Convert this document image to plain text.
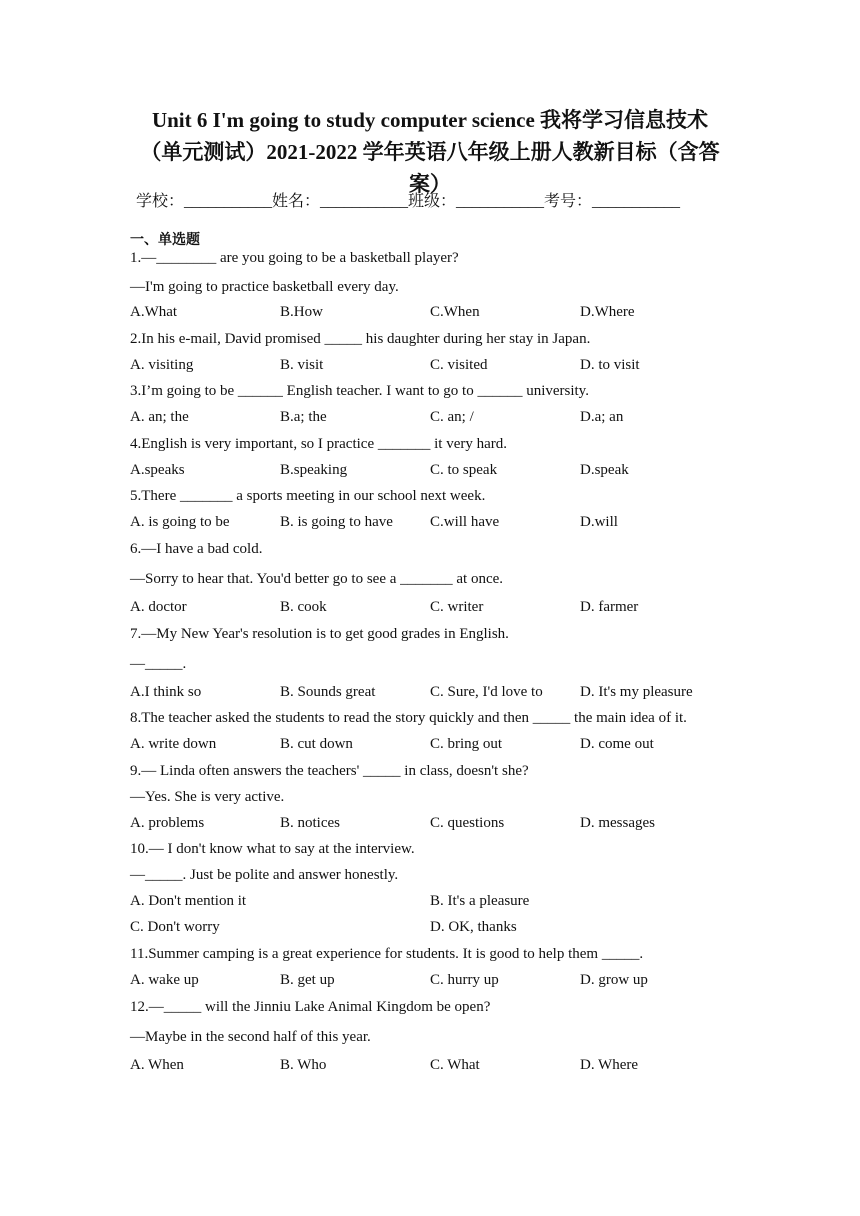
Unit 6 I'm going to study computer science 我将学习信息技术
（单元测试）2021-2022 学年英语八年级上册人教新目标（含答
案）
学校：___________姓名：___________班级：___________考号：___________
一、单选题
1.—________ are you going to be a basketball player?
—I'm going to practice basketball every day.
A.What	B.How	C.When	D.Where
2.In his e-mail, David promised _____ his daughter during her stay in Japan.
A. visiting	B. visit	C. visited	D. to visit
3.I’m going to be ______ English teacher. I want to go to ______ university.
A. an; the	B.a; the	C. an; /	D.a; an
4.English is very important, so I practice _______ it very hard.
A.speaks	B.speaking	C. to speak	D.speak
5.There _______ a sports meeting in our school next week.
A. is going to be	B. is going to have C.will have	D.will
6.—I have a bad cold.
—Sorry to hear that. You'd better go to see a _______ at once.
A. doctor	B. cook	C. writer	D. farmer
7.—My New Year's resolution is to get good grades in English.
—_____.
A.I think so	B. Sounds great	C. Sure, I'd love to D. It's my pleasure
8.The teacher asked the students to read the story quickly and then _____ the main idea of it.
A. write down	B. cut down	C. bring out	D. come out
9.— Linda often answers the teachers' _____ in class, doesn't she?
—Yes. She is very active.
A. problems	B. notices	C. questions	D. messages
10.— I don't know what to say at the interview.
—_____. Just be polite and answer honestly.
A. Don't mention it	B. It's a pleasure
C. Don't worry	D. OK, thanks
11.Summer camping is a great experience for students. It is good to help them _____.
A. wake up	B. get up	C. hurry up	D. grow up
12.—_____ will the Jinniu Lake Animal Kingdom be open?
—Maybe in the second half of this year.
A. When	B. Who	C. What	D. Where
